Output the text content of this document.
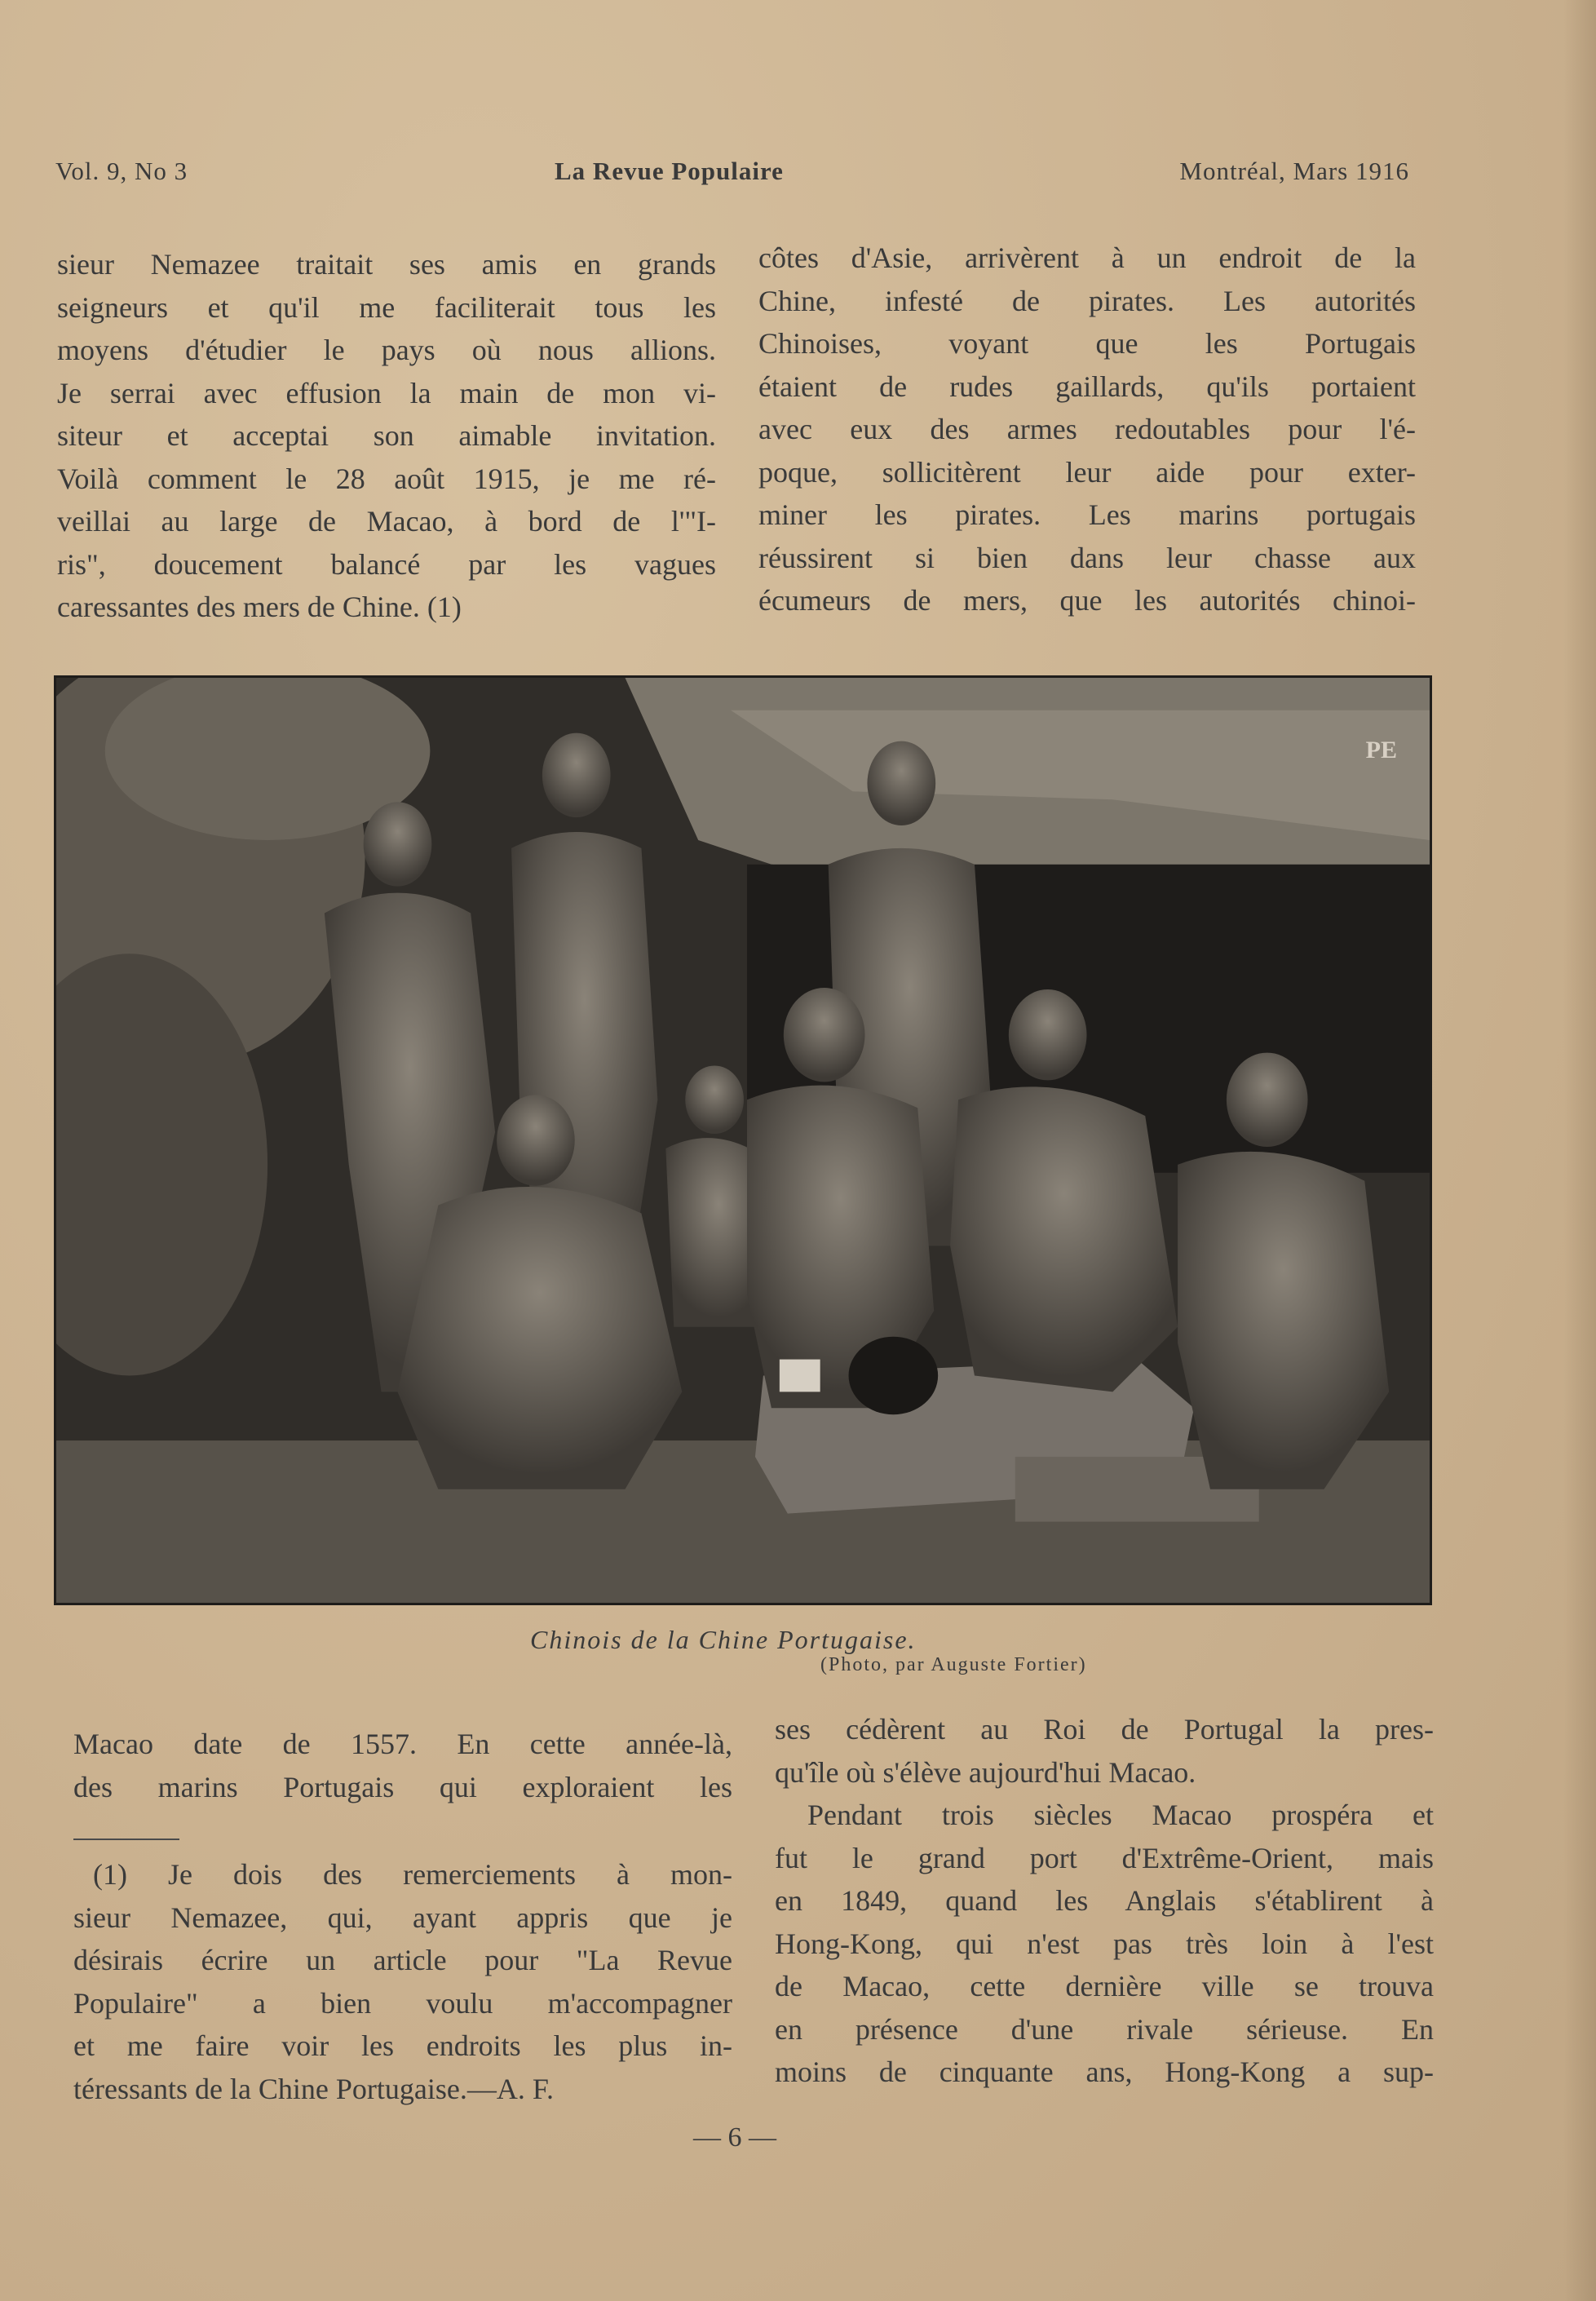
Vol. 9, No 3	La Revue Populaire	Montréal, Mars 1916

sieur Nemazee traitait ses amis en grands

seigneurs et qu'il me faciliterait tous les

moyens d'étudier le pays où nous allions.

Je serrai avec effusion la main de mon vi-

siteur et acceptai son aimable invitation.

Voilà comment le 28 août 1915, je me ré-

veillai au large de Macao, à bord de l'"I-

ris", doucement balancé par les vagues

caressantes des mers de Chine. (1)

côtes d'Asie, arrivèrent à un endroit de la

Chine, infesté de pirates. Les autorités

Chinoises, voyant que les Portugais

étaient de rudes gaillards, qu'ils portaient

avec eux des armes redoutables pour l'é-

poque, sollicitèrent leur aide pour exter-

miner les pirates. Les marins portugais

réussirent si bien dans leur chasse aux

écumeurs de mers, que les autorités chinoi-

PE
Chinois de la Chine Portugaise.
(Photo, par Auguste Fortier)

Macao date de 1557. En cette année-là,

des marins Portugais qui exploraient les

(1) Je dois des remerciements à mon-

sieur Nemazee, qui, ayant appris que je

désirais écrire un article pour "La Revue

Populaire" a bien voulu m'accompagner

et me faire voir les endroits les plus in-

téressants de la Chine Portugaise.—A. F.

ses cédèrent au Roi de Portugal la pres-

qu'île où s'élève aujourd'hui Macao.

Pendant trois siècles Macao prospéra et

fut le grand port d'Extrême-Orient, mais

en 1849, quand les Anglais s'établirent à

Hong-Kong, qui n'est pas très loin à l'est

de Macao, cette dernière ville se trouva

en présence d'une rivale sérieuse. En

moins de cinquante ans, Hong-Kong a sup-

— 6 —
